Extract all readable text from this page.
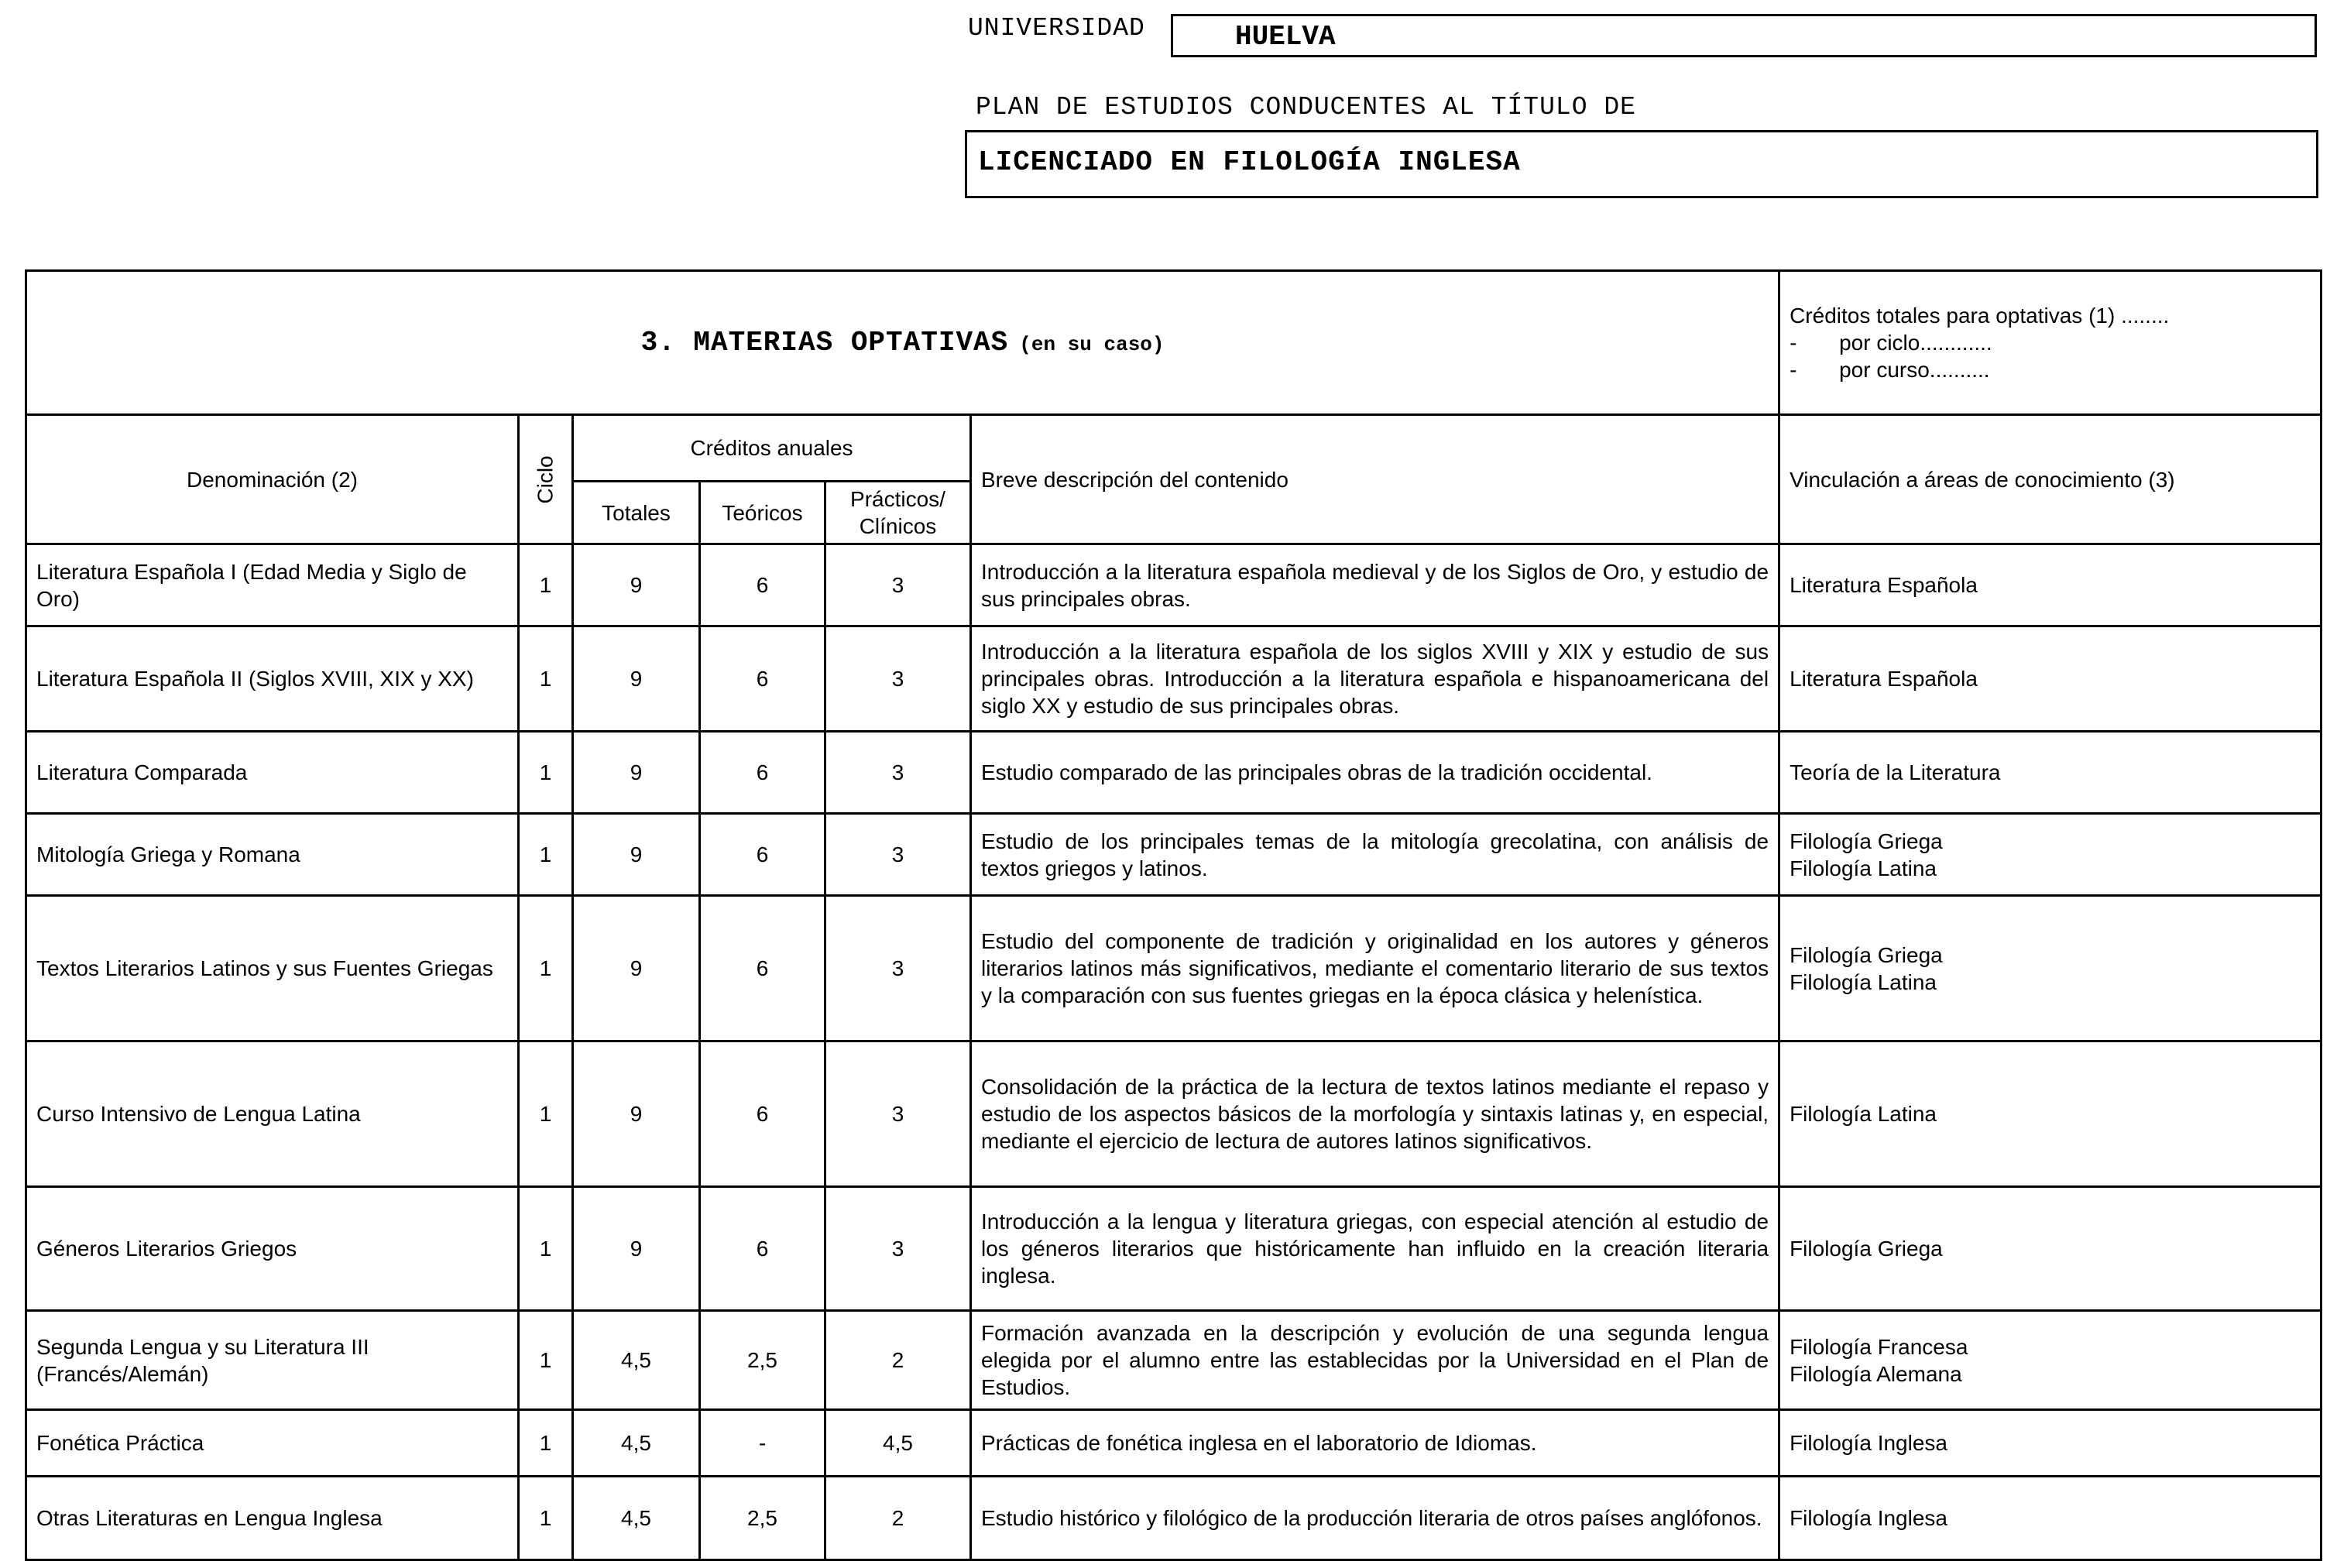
UNIVERSIDAD	HUELVA
PLAN DE ESTUDIOS CONDUCENTES AL TÍTULO DE
LICENCIADO EN FILOLOGÍA INGLESA
3. MATERIAS OPTATIVAS (en su caso)						Créditos totales para optativas (1) ........
- por ciclo............
- por curso..........

Denominación (2)	Ciclo	Créditos anuales			Breve descripción del contenido	Vinculación a áreas de conocimiento (3)
		Totales	Teóricos	Prácticos/ Clínicos		
Literatura Española I (Edad Media y Siglo de Oro)	1	9	6	3	Introducción a la literatura española medieval y de los Siglos de Oro, y estudio de sus principales obras.	Literatura Española

Literatura Española II (Siglos XVIII, XIX y XX)	1	9	6	3	Introducción a la literatura española de los siglos XVIII y XIX y estudio de sus principales obras. Introducción a la literatura española e hispanoamericana del siglo XX y estudio de sus principales obras.	Literatura Española

Literatura Comparada	1	9	6	3	Estudio comparado de las principales obras de la tradición occidental.	Teoría de la Literatura

Mitología Griega y Romana	1	9	6	3	Estudio de los principales temas de la mitología grecolatina, con análisis de textos griegos y latinos.	Filología Griega
Filología Latina

Textos Literarios Latinos y sus Fuentes Griegas	1	9	6	3	Estudio del componente de tradición y originalidad en los autores y géneros literarios latinos más significativos, mediante el comentario literario de sus textos y la comparación con sus fuentes griegas en la época clásica y helenística.	Filología Griega
Filología Latina

Curso Intensivo de Lengua Latina	1	9	6	3	Consolidación de la práctica de la lectura de textos latinos mediante el repaso y estudio de los aspectos básicos de la morfología y sintaxis latinas y, en especial, mediante el ejercicio de lectura de autores latinos significativos.	Filología Latina

Géneros Literarios Griegos	1	9	6	3	Introducción a la lengua y literatura griegas, con especial atención al estudio de los géneros literarios que históricamente han influido en la creación literaria inglesa.	Filología Griega

Segunda Lengua y su Literatura III (Francés/Alemán)	1	4,5	2,5	2	Formación avanzada en la descripción y evolución de una segunda lengua elegida por el alumno entre las establecidas por la Universidad en el Plan de Estudios.	Filología Francesa
Filología Alemana

Fonética Práctica	1	4,5	-	4,5	Prácticas de fonética inglesa en el laboratorio de Idiomas.	Filología Inglesa

Otras Literaturas en Lengua Inglesa	1	4,5	2,5	2	Estudio histórico y filológico de la producción literaria de otros países anglófonos.	Filología Inglesa
